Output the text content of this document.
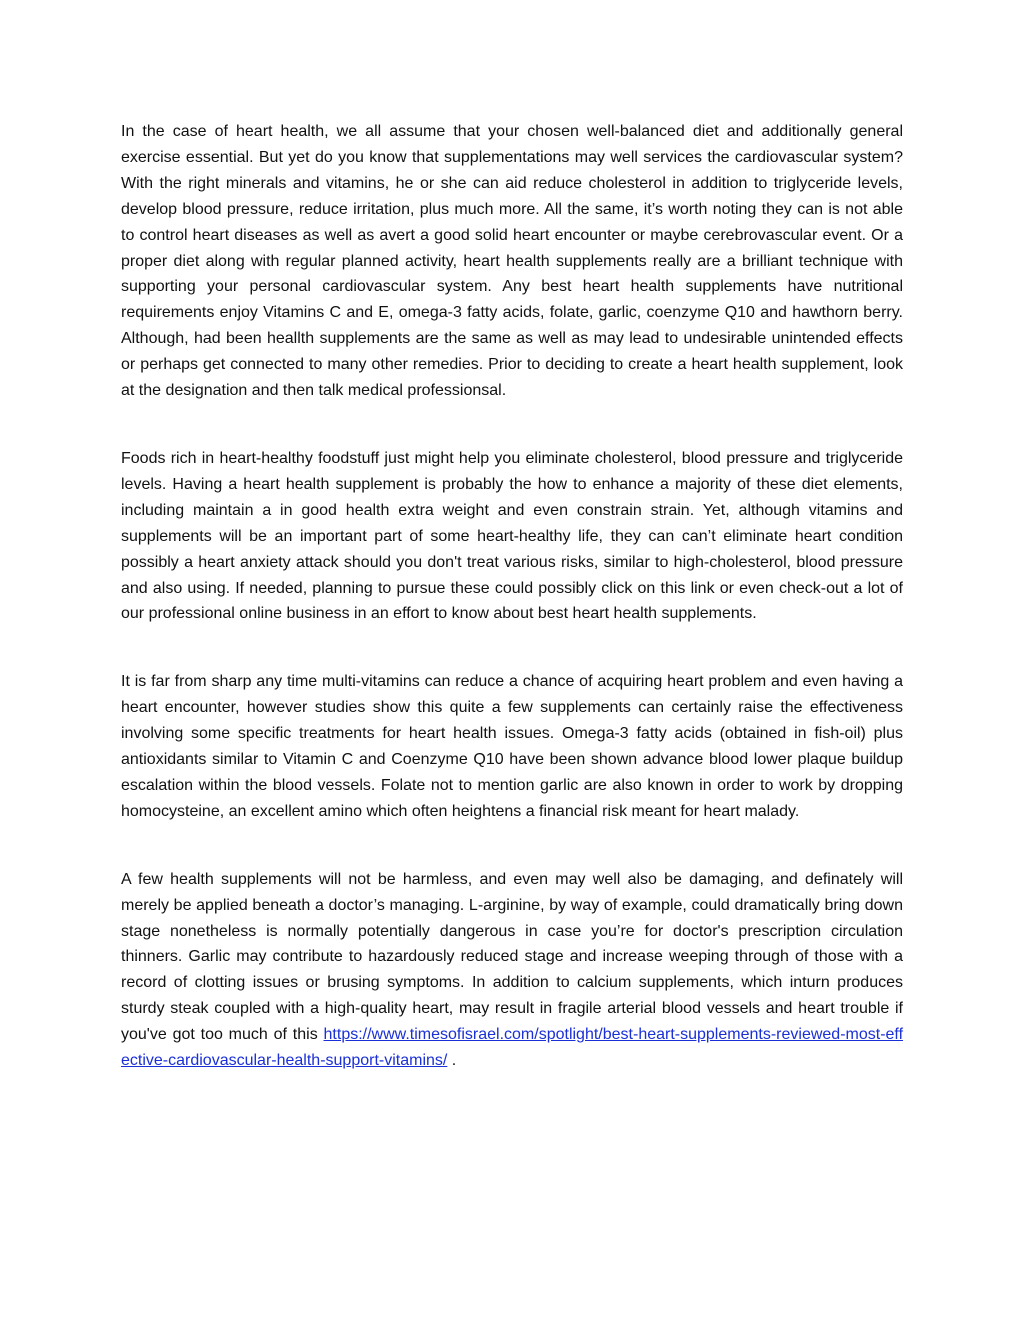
In the case of heart health, we all assume that your chosen well-balanced diet and additionally general exercise essential. But yet do you know that supplementations may well services the cardiovascular system? With the right minerals and vitamins, he or she can aid reduce cholesterol in addition to triglyceride levels, develop blood pressure, reduce irritation, plus much more. All the same, it’s worth noting they can is not able to control heart diseases as well as avert a good solid heart encounter or maybe cerebrovascular event. Or a proper diet along with regular planned activity, heart health supplements really are a brilliant technique with supporting your personal cardiovascular system. Any best heart health supplements have nutritional requirements enjoy Vitamins C and E, omega-3 fatty acids, folate, garlic, coenzyme Q10 and hawthorn berry. Although, had been heallth supplements are the same as well as may lead to undesirable unintended effects or perhaps get connected to many other remedies. Prior to deciding to create a heart health supplement, look at the designation and then talk medical professionsal.

Foods rich in heart-healthy foodstuff just might help you eliminate cholesterol, blood pressure and triglyceride levels. Having a heart health supplement is probably the how to enhance a majority of these diet elements, including maintain a in good health extra weight and even constrain strain. Yet, although vitamins and supplements will be an important part of some heart-healthy life, they can can’t eliminate heart condition possibly a heart anxiety attack should you don't treat various risks, similar to high-cholesterol, blood pressure and also using. If needed, planning to pursue these could possibly click on this link or even check-out a lot of our professional online business in an effort to know about best heart health supplements.

It is far from sharp any time multi-vitamins can reduce a chance of acquiring heart problem and even having a heart encounter, however studies show this quite a few supplements can certainly raise the effectiveness involving some specific treatments for heart health issues. Omega-3 fatty acids (obtained in fish-oil) plus antioxidants similar to Vitamin C and Coenzyme Q10 have been shown advance blood lower plaque buildup escalation within the blood vessels. Folate not to mention garlic are also known in order to work by dropping homocysteine, an excellent amino which often heightens a financial risk meant for heart malady.

A few health supplements will not be harmless, and even may well also be damaging, and definately will merely be applied beneath a doctor’s managing. L-arginine, by way of example, could dramatically bring down stage nonetheless is normally potentially dangerous in case you’re for doctor's prescription circulation thinners. Garlic may contribute to hazardously reduced stage and increase weeping through of those with a record of clotting issues or brusing symptoms. In addition to calcium supplements, which inturn produces sturdy steak coupled with a high-quality heart, may result in fragile arterial blood vessels and heart trouble if you've got too much of this https://www.timesofisrael.com/spotlight/best-heart-supplements-reviewed-most-effective-cardiovascular-health-support-vitamins/ .
